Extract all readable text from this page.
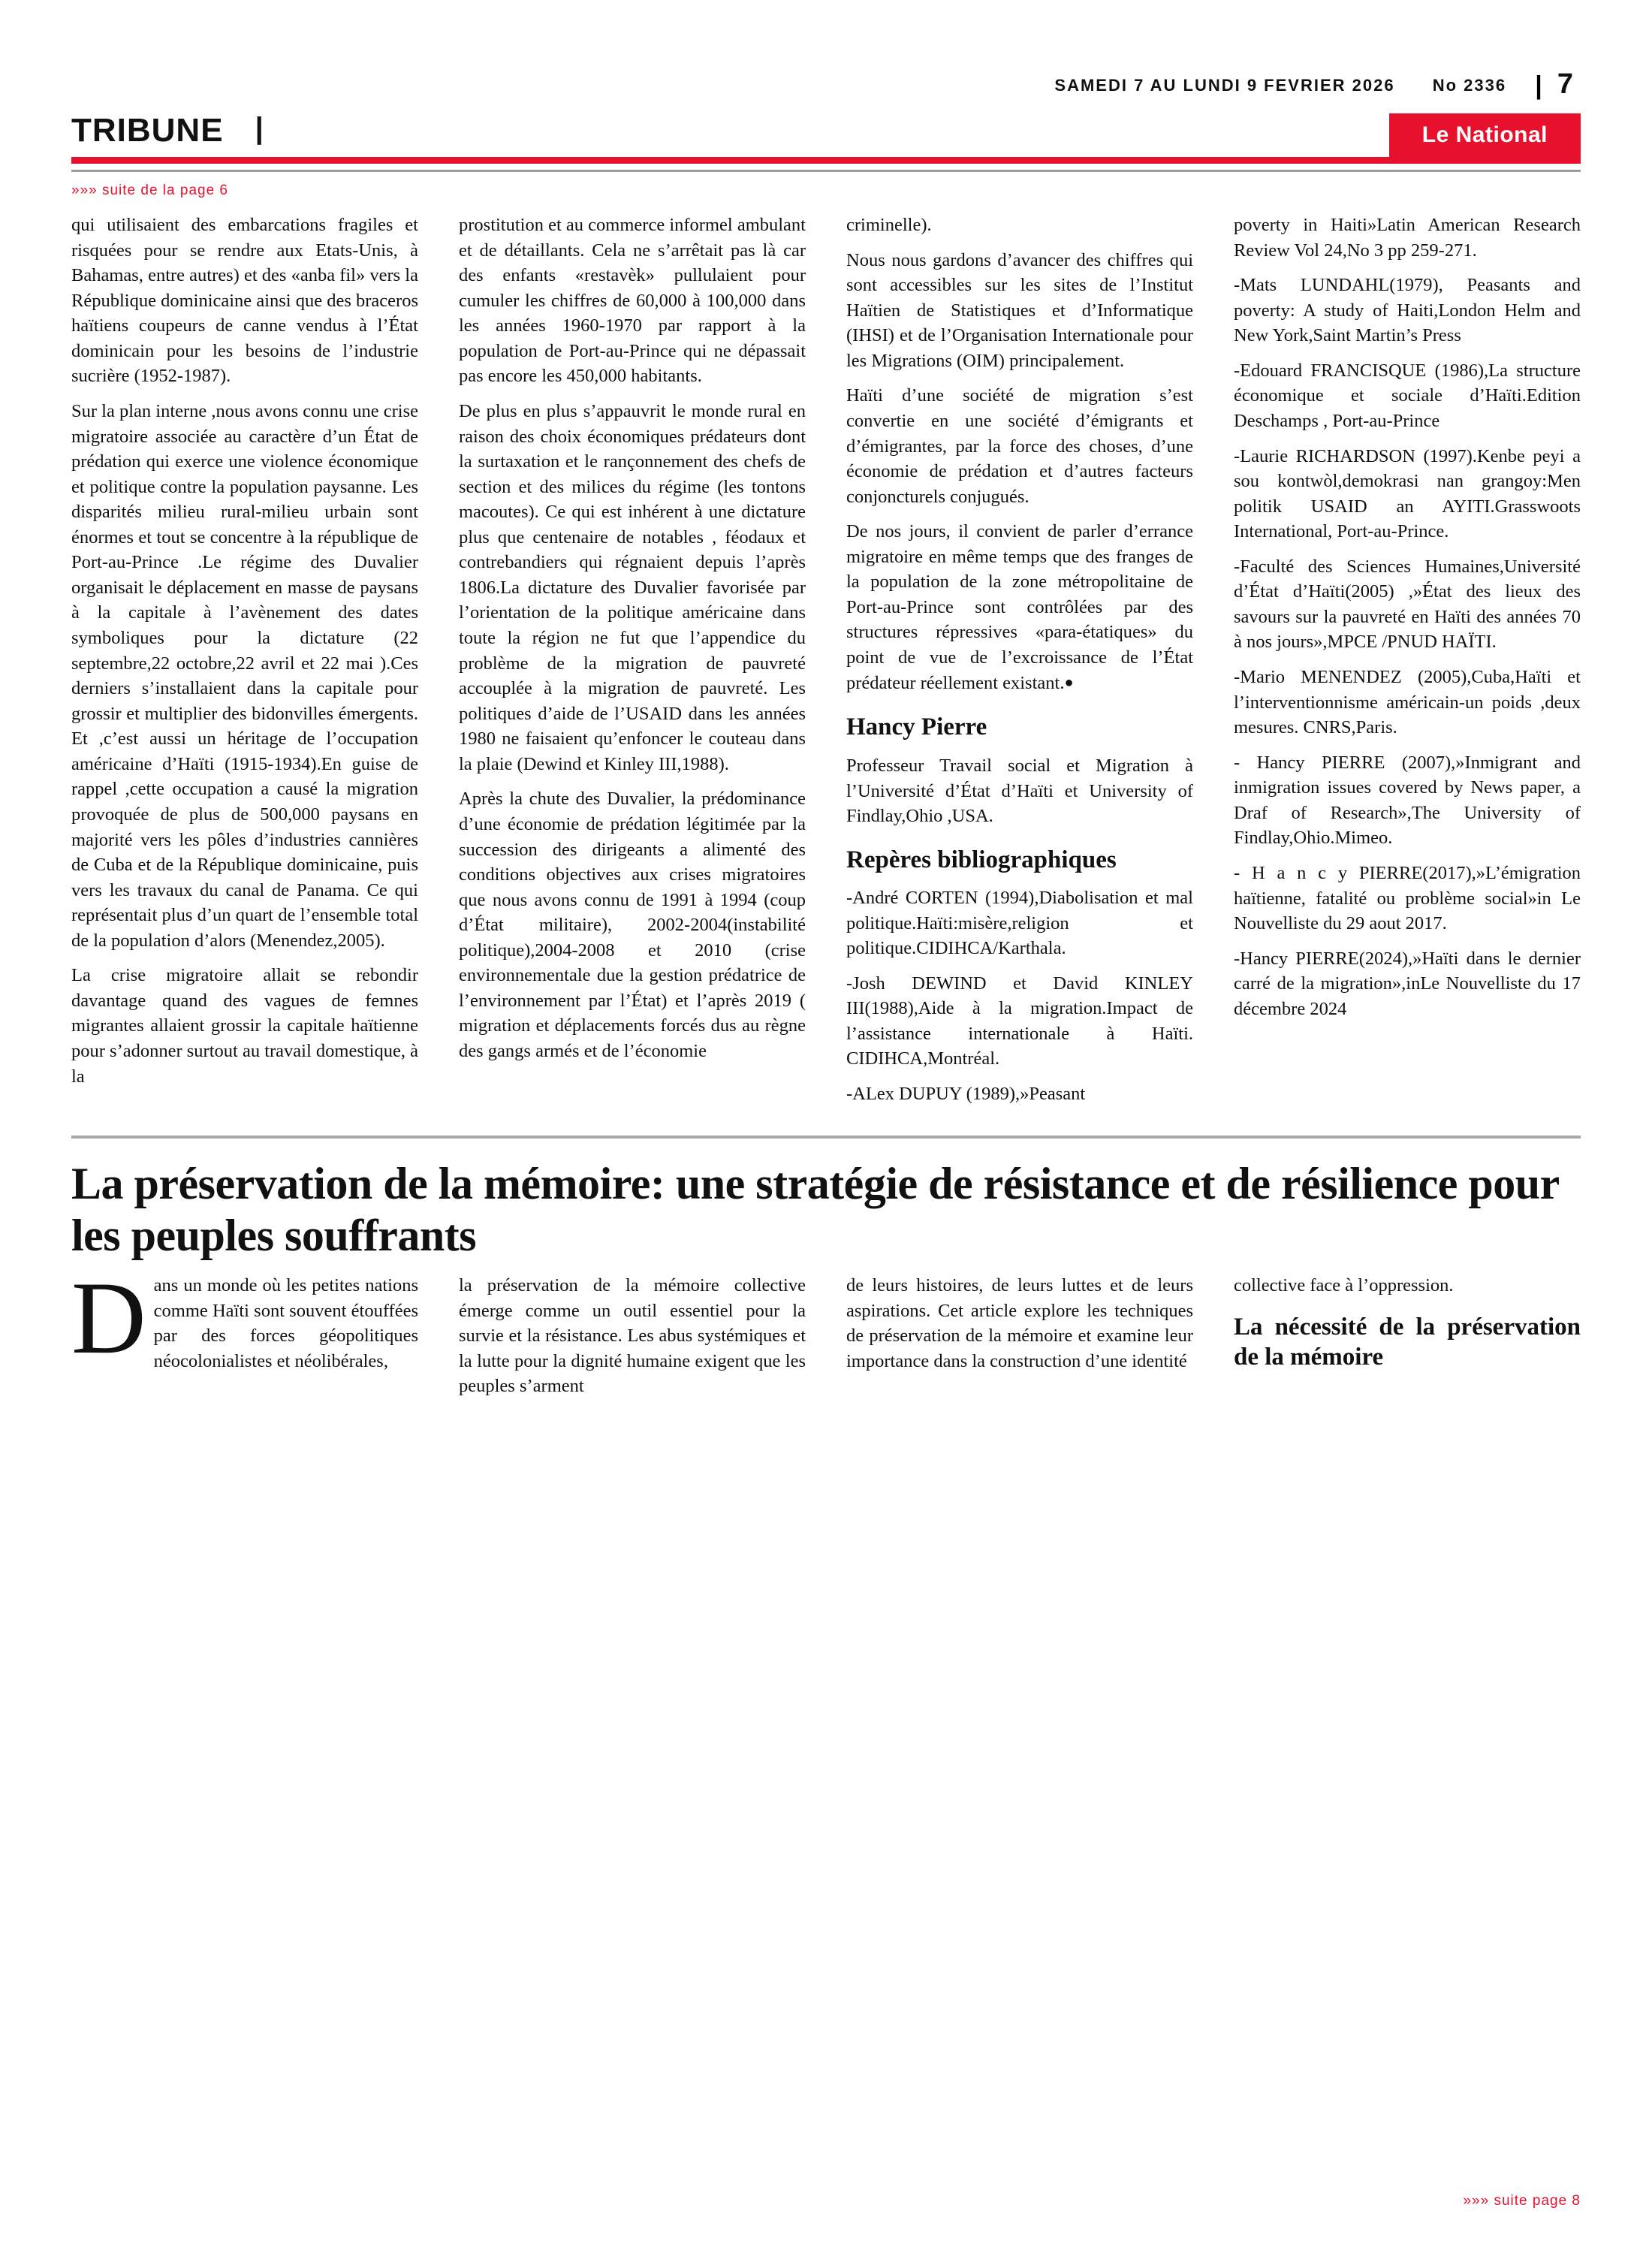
SAMEDI 7 AU LUNDI 9 FEVRIER 2026 No 2336 | 7
TRIBUNE |	Le National
»»» suite de la page 6

qui utilisaient des embarcations fragiles et risquées pour se rendre aux Etats-Unis, à Bahamas, entre autres) et des «anba fil» vers la République dominicaine ainsi que des braceros haïtiens coupeurs de canne vendus à l’État dominicain pour les besoins de l’industrie sucrière (1952-1987).

Sur la plan interne ,nous avons connu une crise migratoire associée au caractère d’un État de prédation qui exerce une violence économique et politique contre la population paysanne. Les disparités milieu rural-milieu urbain sont énormes et tout se concentre à la république de Port-au-Prince .Le régime des Duvalier organisait le déplacement en masse de paysans à la capitale à l’avènement des dates symboliques pour la dictature (22 septembre,22 octobre,22 avril et 22 mai ).Ces derniers s’installaient dans la capitale pour grossir et multiplier des bidonvilles émergents. Et ,c’est aussi un héritage de l’occupation américaine d’Haïti (1915-1934).En guise de rappel ,cette occupation a causé la migration provoquée de plus de 500,000 paysans en majorité vers les pôles d’industries cannières de Cuba et de la République dominicaine, puis vers les travaux du canal de Panama. Ce qui représentait plus d’un quart de l’ensemble total de la population d’alors (Menendez,2005).

La crise migratoire allait se rebondir davantage quand des vagues de femnes migrantes allaient grossir la capitale haïtienne pour s’adonner surtout au travail domestique, à la

prostitution et au commerce informel ambulant et de détaillants. Cela ne s’arrêtait pas là car des enfants «restavèk» pullulaient pour cumuler les chiffres de 60,000 à 100,000 dans les années 1960-1970 par rapport à la population de Port-au-Prince qui ne dépassait pas encore les 450,000 habitants.

De plus en plus s’appauvrit le monde rural en raison des choix économiques prédateurs dont la surtaxation et le rançonnement des chefs de section et des milices du régime (les tontons macoutes). Ce qui est inhérent à une dictature plus que centenaire de notables , féodaux et contrebandiers qui régnaient depuis l’après 1806.La dictature des Duvalier favorisée par l’orientation de la politique américaine dans toute la région ne fut que l’appendice du problème de la migration de pauvreté accouplée à la migration de pauvreté. Les politiques d’aide de l’USAID dans les années 1980 ne faisaient qu’enfoncer le couteau dans la plaie (Dewind et Kinley III,1988).

Après la chute des Duvalier, la prédominance d’une économie de prédation légitimée par la succession des dirigeants a alimenté des conditions objectives aux crises migratoires que nous avons connu de 1991 à 1994 (coup d’État militaire), 2002-2004(instabilité politique),2004-2008 et 2010 (crise environnementale due la gestion prédatrice de l’environnement par l’État) et l’après 2019 ( migration et déplacements forcés dus au règne des gangs armés et de l’économie

criminelle).

Nous nous gardons d’avancer des chiffres qui sont accessibles sur les sites de l’Institut Haïtien de Statistiques et d’Informatique (IHSI) et de l’Organisation Internationale pour les Migrations (OIM) principalement.

Haïti d’une société de migration s’est convertie en une société d’émigrants et d’émigrantes, par la force des choses, d’une économie de prédation et d’autres facteurs conjoncturels conjugués.

De nos jours, il convient de parler d’errance migratoire en même temps que des franges de la population de la zone métropolitaine de Port-au-Prince sont contrôlées par des structures répressives «para-étatiques» du point de vue de l’excroissance de l’État prédateur réellement existant.●

Hancy Pierre

Professeur Travail social et Migration à l’Université d’État d’Haïti et University of Findlay,Ohio ,USA.

Repères bibliographiques

-André CORTEN (1994),Diabolisation et mal politique.Haïti:misère,religion et politique.CIDIHCA/Karthala.

-Josh DEWIND et David KINLEY III(1988),Aide à la migration.Impact de l’assistance internationale à Haïti. CIDIHCA,Montréal.

-ALex DUPUY (1989),»Peasant

poverty in Haiti»Latin American Research Review Vol 24,No 3 pp 259-271.

-Mats LUNDAHL(1979), Peasants and poverty: A study of Haiti,London Helm and New York,Saint Martin’s Press

-Edouard FRANCISQUE (1986),La structure économique et sociale d’Haïti.Edition Deschamps , Port-au-Prince

-Laurie RICHARDSON (1997).Kenbe peyi a sou kontwòl,demokrasi nan grangoy:Men politik USAID an AYITI.Grasswoots International, Port-au-Prince.

-Faculté des Sciences Humaines,Université d’État d’Haïti(2005) ,»État des lieux des savours sur la pauvreté en Haïti des années 70 à nos jours»,MPCE /PNUD HAÏTI.

-Mario MENENDEZ (2005),Cuba,Haïti et l’interventionnisme américain-un poids ,deux mesures. CNRS,Paris.

- Hancy PIERRE (2007),»Inmigrant and inmigration issues covered by News paper, a Draf of Research»,The University of Findlay,Ohio.Mimeo.

- H a n c y PIERRE(2017),»L’émigration haïtienne, fatalité ou problème social»in Le Nouvelliste du 29 aout 2017.

-Hancy PIERRE(2024),»Haïti dans le dernier carré de la migration»,inLe Nouvelliste du 17 décembre 2024

La préservation de la mémoire: une stratégie de résistance et de résilience pour les peuples souffrants

Dans un monde où les petites nations comme Haïti sont souvent étouffées par des forces géopolitiques néocolonialistes et néolibérales,

la préservation de la mémoire collective émerge comme un outil essentiel pour la survie et la résistance. Les abus systémiques et la lutte pour la dignité humaine exigent que les peuples s’arment

de leurs histoires, de leurs luttes et de leurs aspirations. Cet article explore les techniques de préservation de la mémoire et examine leur importance dans la construction d’une identité

collective face à l’oppression.

La nécessité de la préservation de la mémoire
»»» suite page 8
